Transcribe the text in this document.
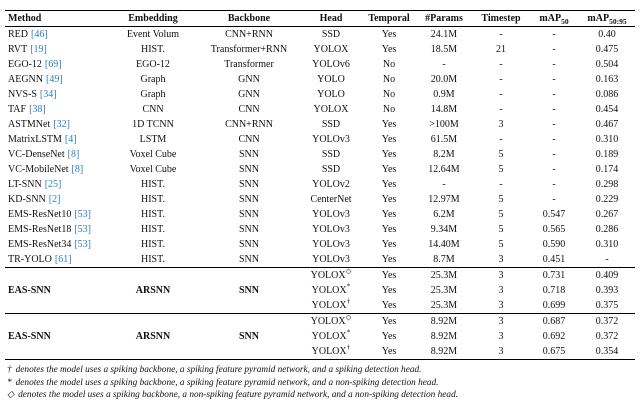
Method	Embedding	Backbone	Head	Temporal	#Params	Timestep	mAP$_{50}$	mAP$_{50:95}$
RED [46]	Event Volum	CNN+RNN	SSD	Yes	24.1M	-	-	0.40
RVT [19]	HIST.	Transformer+RNN	YOLOX	Yes	18.5M	21	-	0.475
EGO-12 [69]	EGO-12	Transformer	YOLOv6	No	-	-	-	0.504
AEGNN [49]	Graph	GNN	YOLO	No	20.0M	-	-	0.163
NVS-S [34]	Graph	GNN	YOLO	No	0.9M	-	-	0.086
TAF [38]	CNN	CNN	YOLOX	No	14.8M	-	-	0.454
ASTMNet [32]	1D TCNN	CNN+RNN	SSD	Yes	>100M	3	-	0.467
MatrixLSTM [4]	LSTM	CNN	YOLOv3	Yes	61.5M	-	-	0.310
VC-DenseNet [8]	Voxel Cube	SNN	SSD	Yes	8.2M	5	-	0.189
VC-MobileNet [8]	Voxel Cube	SNN	SSD	Yes	12.64M	5	-	0.174
LT-SNN [25]	HIST.	SNN	YOLOv2	Yes	-	-	-	0.298
KD-SNN [2]	HIST.	SNN	CenterNet	Yes	12.97M	5	-	0.229
EMS-ResNet10 [53]	HIST.	SNN	YOLOv3	Yes	6.2M	5	0.547	0.267
EMS-ResNet18 [53]	HIST.	SNN	YOLOv3	Yes	9.34M	5	0.565	0.286
EMS-ResNet34 [53]	HIST.	SNN	YOLOv3	Yes	14.40M	5	0.590	0.310
TR-YOLO [61]	HIST.	SNN	YOLOv3	Yes	8.7M	3	0.451	-
			YOLOX◇	Yes	25.3M	3	0.731	0.409
EAS-SNN	ARSNN	SNN	YOLOX*	Yes	25.3M	3	0.718	0.393
			YOLOX†	Yes	25.3M	3	0.699	0.375
			YOLOX◇	Yes	8.92M	3	0.687	0.372
EAS-SNN	ARSNN	SNN	YOLOX*	Yes	8.92M	3	0.692	0.372
			YOLOX†	Yes	8.92M	3	0.675	0.354
† denotes the model uses a spiking backbone, a spiking feature pyramid network, and a spiking detection head.
* denotes the model uses a spiking backbone, a spiking feature pyramid network, and a non-spiking detection head.
◇ denotes the model uses a spiking backbone, a non-spiking feature pyramid network, and a non-spiking detection head.
